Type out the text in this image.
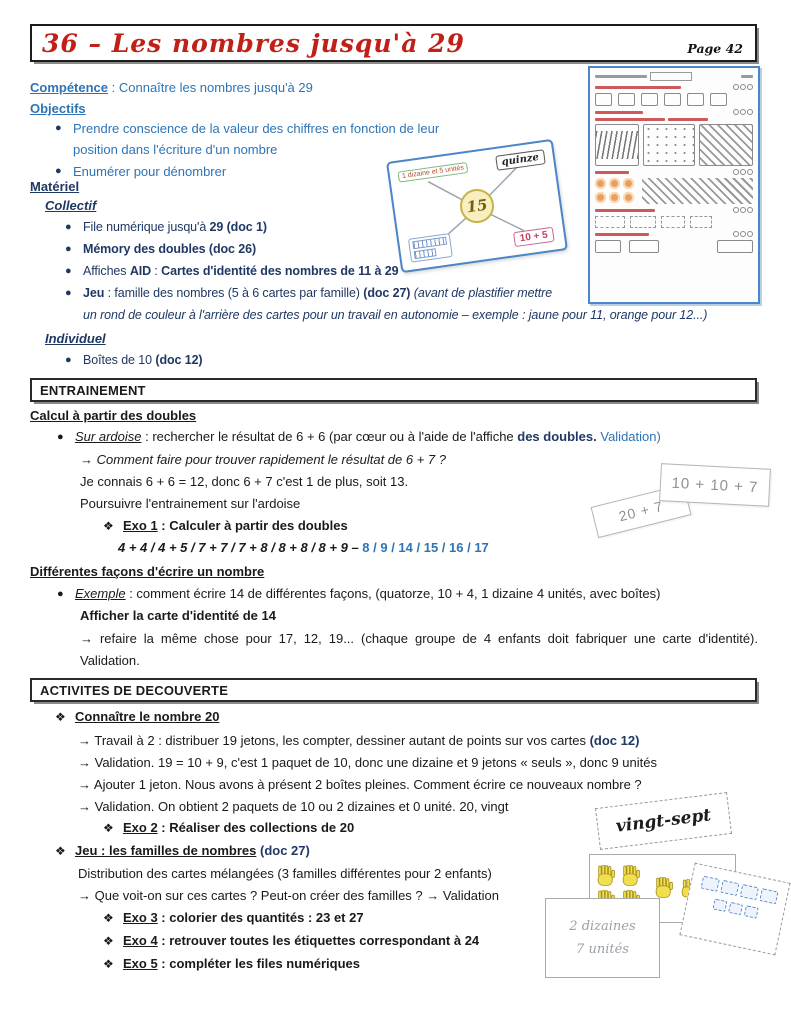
36 – Les nombres jusqu'à 29	Page 42
Compétence : Connaître les nombres jusqu'à 29
Objectifs
● Prendre conscience de la valeur des chiffres en fonction de leur position dans l'écriture d'un nombre
● Enumérer pour dénombrer
Matériel
Collectif
● File numérique jusqu'à 29 (doc 1)
● Mémory des doubles (doc 26)
● Affiches AID : Cartes d'identité des nombres de 11 à 29
● Jeu : famille des nombres (5 à 6 cartes par famille) (doc 27) (avant de plastifier mettre
un rond de couleur à l'arrière des cartes pour un travail en autonomie – exemple : jaune pour 11, orange pour 12...)
Individuel
● Boîtes de 10 (doc 12)
ENTRAINEMENT
Calcul à partir des doubles
● Sur ardoise : rechercher le résultat de 6 + 6 (par cœur ou à l'aide de l'affiche des doubles. Validation)
→ Comment faire pour trouver rapidement le résultat de 6 + 7 ?
Je connais 6 + 6 = 12, donc 6 + 7 c'est 1 de plus, soit 13.
Poursuivre l'entrainement sur l'ardoise
❖ Exo 1 : Calculer à partir des doubles
4 + 4 / 4 + 5 / 7 + 7 / 7 + 8 / 8 + 8 / 8 + 9 – 8 / 9 / 14 / 15 / 16 / 17
Différentes façons d'écrire un nombre
● Exemple : comment écrire 14 de différentes façons, (quatorze, 10 + 4, 1 dizaine 4 unités, avec boîtes)
Afficher la carte d'identité de 14
→ refaire la même chose pour 17, 12, 19... (chaque groupe de 4 enfants doit fabriquer une carte d'identité). Validation.
ACTIVITES DE DECOUVERTE
❖ Connaître le nombre 20
→ Travail à 2 : distribuer 19 jetons, les compter, dessiner autant de points sur vos cartes (doc 12)
→ Validation. 19 = 10 + 9, c'est 1 paquet de 10, donc une dizaine et 9 jetons « seuls », donc 9 unités
→ Ajouter 1 jeton. Nous avons à présent 2 boîtes pleines. Comment écrire ce nouveaux nombre ?
→ Validation. On obtient 2 paquets de 10 ou 2 dizaines et 0 unité. 20, vingt
❖ Exo 2 : Réaliser des collections de 20
❖ Jeu : les familles de nombres (doc 27)
Distribution des cartes mélangées (3 familles différentes pour 2 enfants)
→ Que voit-on sur ces cartes ? Peut-on créer des familles ? → Validation
❖ Exo 3 : colorier des quantités : 23 et 27
❖ Exo 4 : retrouver toutes les étiquettes correspondant à 24
❖ Exo 5 : compléter les files numériques
1 dizaine et 5 unités
quinze
10 + 5
15
20 + 7
10 + 10 + 7
vingt-sept
2 dizaines
7 unités
